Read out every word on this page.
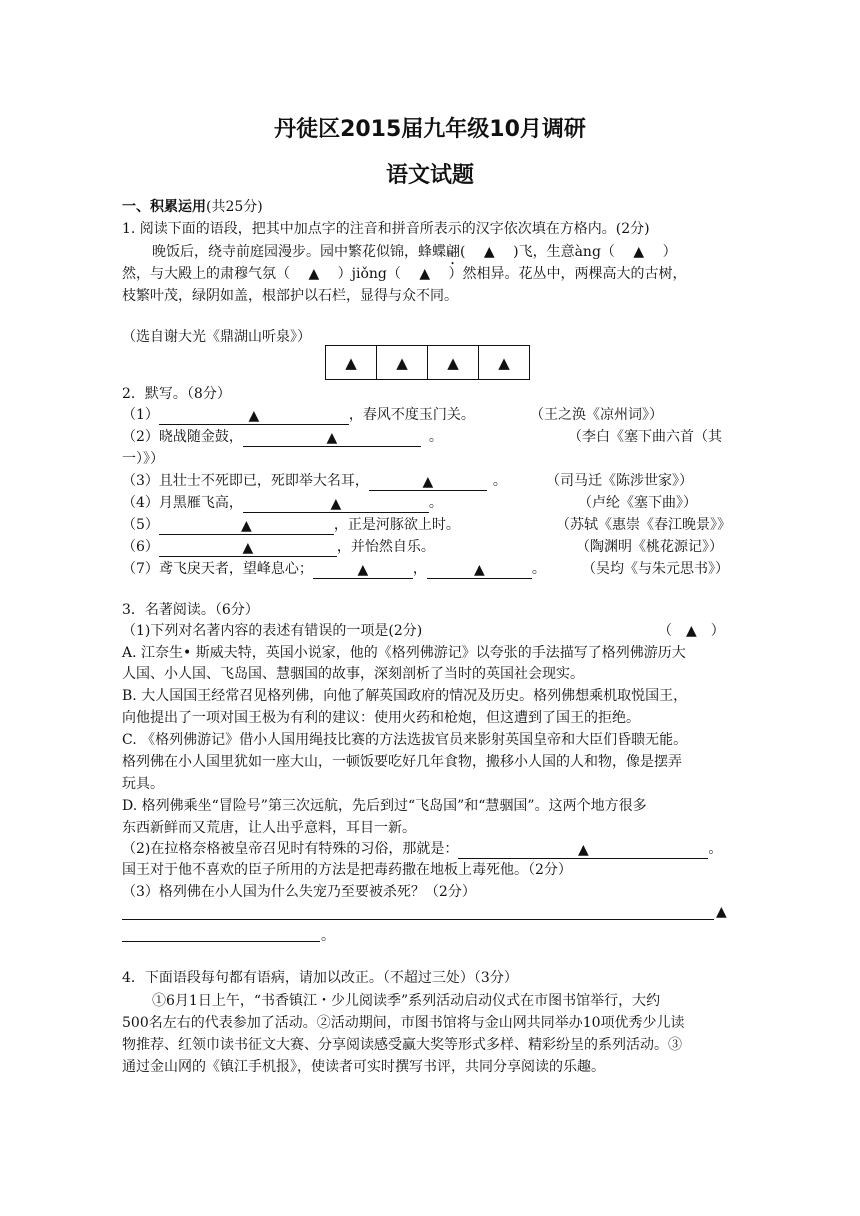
丹徒区2015届九年级10月调研
语文试题
一、积累运用(共25分)
1. 阅读下面的语段，把其中加点字的注音和拼音所表示的汉字依次填在方格内。(2分)
晚饭后，绕寺前庭园漫步。园中繁花似锦，蜂蝶翩(　 ▲　 )飞，生意àng（　 ▲　 ）
然，与大殿上的肃穆气氛（　 ▲　 ）jiǒng（　 ▲　 ）然相异。花丛中，两棵高大的古树，
枝繁叶茂，绿阴如盖，根部护以石栏，显得与众不同。
（选自谢大光《鼎湖山听泉》）
▲	▲	▲	▲
2．默写。（8分）
（1）	▲	，春风不度玉门关。	（王之涣《凉州词》）
（2）晓战随金鼓，	▲	。	（李白《塞下曲六首（其
一）》）
（3）且壮士不死即已，死即举大名耳，	▲	。	（司马迁《陈涉世家》）
（4）月黑雁飞高，	▲	。	（卢纶《塞下曲》）
（5）	▲	，正是河豚欲上时。	（苏轼《惠崇《春江晚景》》
（6）	▲	，并怡然自乐。	（陶渊明《桃花源记》）
（7）鸢飞戾天者，望峰息心；	▲	，	▲	。	（吴均《与朱元思书》）
3．名著阅读。（6分）
（1)下列对名著内容的表述有错误的一项是(2分)	（　▲　）
A. 江奈生• 斯威夫特，英国小说家，他的《格列佛游记》以夸张的手法描写了格列佛游历大
人国、小人国、飞岛国、慧骃国的故事，深刻剖析了当时的英国社会现实。
B. 大人国国王经常召见格列佛，向他了解英国政府的情况及历史。格列佛想乘机取悦国王，
向他提出了一项对国王极为有利的建议：使用火药和枪炮，但这遭到了国王的拒绝。
C. 《格列佛游记》借小人国用绳技比赛的方法选拔官员来影射英国皇帝和大臣们昏聩无能。
格列佛在小人国里犹如一座大山，一顿饭要吃好几年食物，搬移小人国的人和物，像是摆弄
玩具。
D. 格列佛乘坐“冒险号”第三次远航，先后到过“飞岛国”和“慧骃国”。这两个地方很多
东西新鲜而又荒唐，让人出乎意料，耳目一新。
（2)在拉格奈格被皇帝召见时有特殊的习俗，那就是：	▲	。
国王对于他不喜欢的臣子所用的方法是把毒药撒在地板上毒死他。（2分）
（3）格列佛在小人国为什么失宠乃至要被杀死？（2分）
▲
。
4．下面语段每句都有语病，请加以改正。（不超过三处）（3分）
①6月1日上午，“书香镇江・少儿阅读季”系列活动启动仪式在市图书馆举行，大约
500名左右的代表参加了活动。②活动期间，市图书馆将与金山网共同举办10项优秀少儿读
物推荐、红领巾读书征文大赛、分享阅读感受赢大奖等形式多样、精彩纷呈的系列活动。③
通过金山网的《镇江手机报》，使读者可实时撰写书评，共同分享阅读的乐趣。
